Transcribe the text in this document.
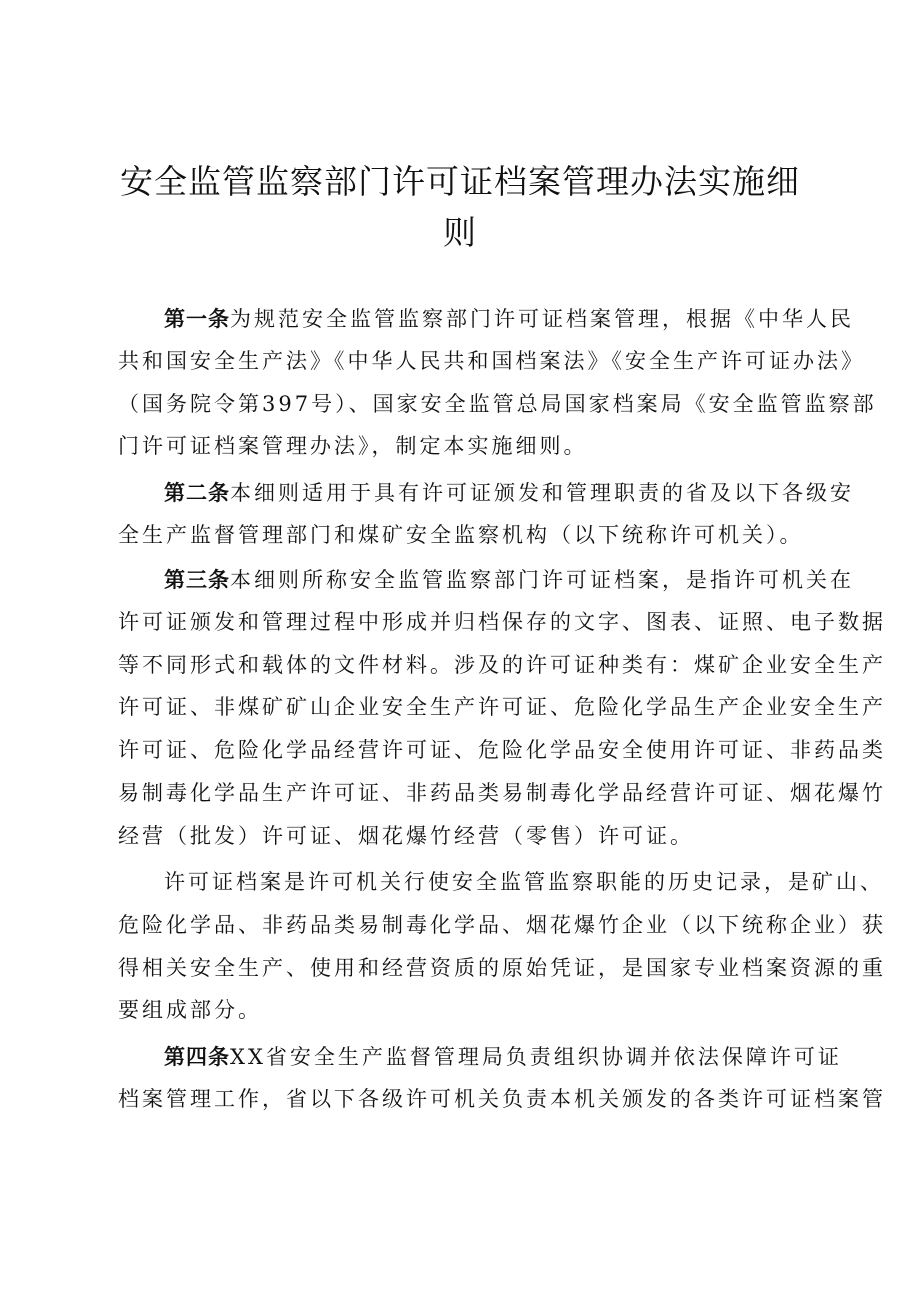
安全监管监察部门许可证档案管理办法实施细
则
第一条为规范安全监管监察部门许可证档案管理，根据《中华人民
共和国安全生产法》《中华人民共和国档案法》《安全生产许可证办法》
（国务院令第397号）、国家安全监管总局国家档案局《安全监管监察部
门许可证档案管理办法》，制定本实施细则。
第二条本细则适用于具有许可证颁发和管理职责的省及以下各级安
全生产监督管理部门和煤矿安全监察机构（以下统称许可机关）。
第三条本细则所称安全监管监察部门许可证档案，是指许可机关在
许可证颁发和管理过程中形成并归档保存的文字、图表、证照、电子数据
等不同形式和载体的文件材料。涉及的许可证种类有：煤矿企业安全生产
许可证、非煤矿矿山企业安全生产许可证、危险化学品生产企业安全生产
许可证、危险化学品经营许可证、危险化学品安全使用许可证、非药品类
易制毒化学品生产许可证、非药品类易制毒化学品经营许可证、烟花爆竹
经营（批发）许可证、烟花爆竹经营（零售）许可证。
许可证档案是许可机关行使安全监管监察职能的历史记录，是矿山、
危险化学品、非药品类易制毒化学品、烟花爆竹企业（以下统称企业）获
得相关安全生产、使用和经营资质的原始凭证，是国家专业档案资源的重
要组成部分。
第四条XX省安全生产监督管理局负责组织协调并依法保障许可证
档案管理工作，省以下各级许可机关负责本机关颁发的各类许可证档案管
